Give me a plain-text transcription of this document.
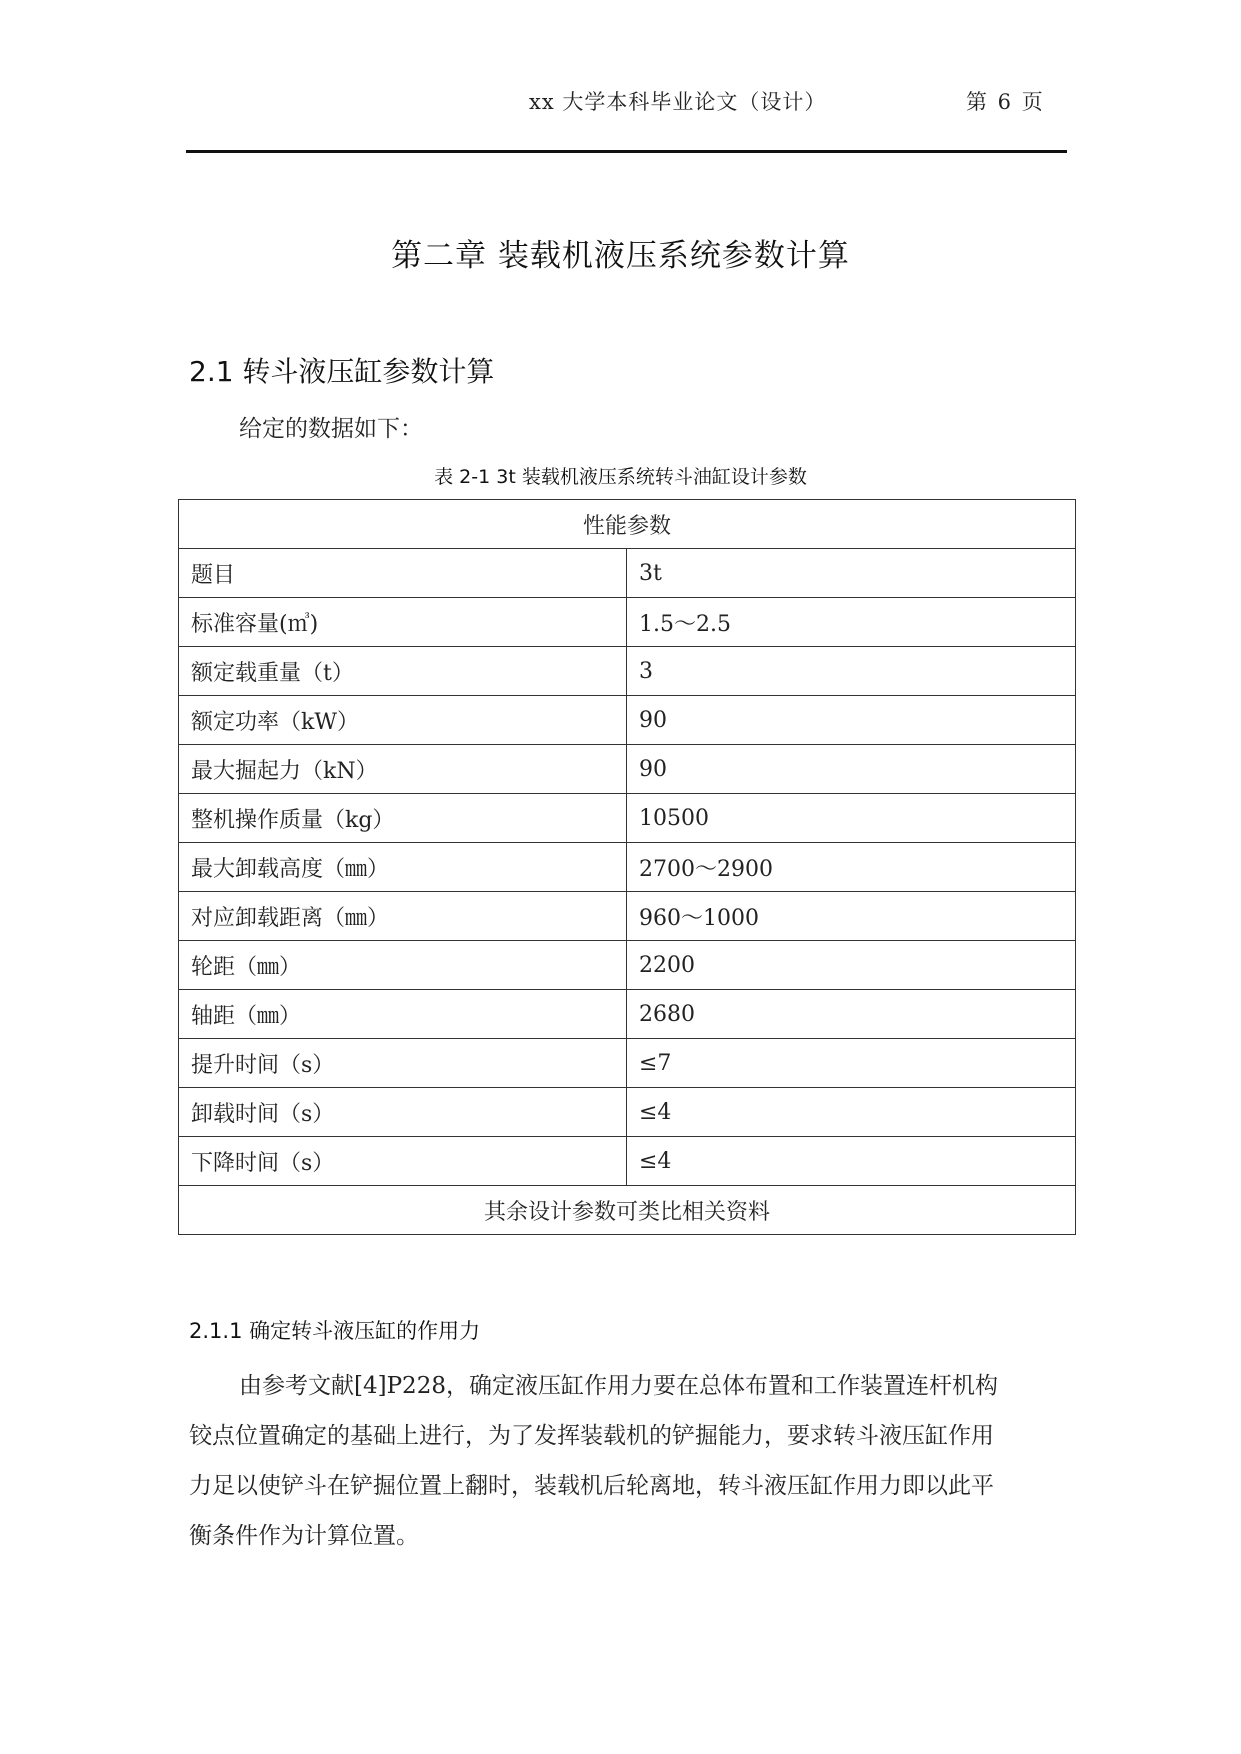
xx 大学本科毕业论文（设计）	第 6 页
第二章 装载机液压系统参数计算
2.1 转斗液压缸参数计算
给定的数据如下：
表 2-1 3t 装载机液压系统转斗油缸设计参数
性能参数	
题目	3t
标准容量(㎥)	1.5～2.5
额定载重量（t）	3
额定功率（kW）	90
最大掘起力（kN）	90
整机操作质量（kg）	10500
最大卸载高度（㎜）	2700～2900
对应卸载距离（㎜）	960～1000
轮距（㎜）	2200
轴距（㎜）	2680
提升时间（s）	≤7
卸载时间（s）	≤4
下降时间（s）	≤4
其余设计参数可类比相关资料	
2.1.1 确定转斗液压缸的作用力
由参考文献[4]P228，确定液压缸作用力要在总体布置和工作装置连杆机构
铰点位置确定的基础上进行，为了发挥装载机的铲掘能力，要求转斗液压缸作用
力足以使铲斗在铲掘位置上翻时，装载机后轮离地，转斗液压缸作用力即以此平
衡条件作为计算位置。
